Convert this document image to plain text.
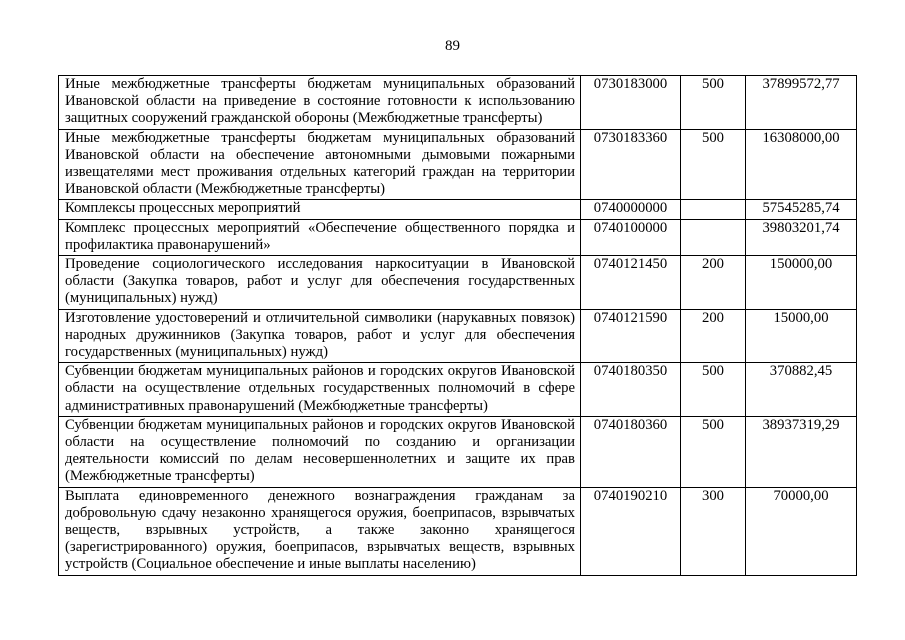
89
Иные межбюджетные трансферты бюджетам муниципальных образований Ивановской области на приведение в состояние готовности к использованию защитных сооружений гражданской обороны (Межбюджетные трансферты)	0730183000	500	37899572,77
Иные межбюджетные трансферты бюджетам муниципальных образований Ивановской области на обеспечение автономными дымовыми пожарными извещателями мест проживания отдельных категорий граждан на территории Ивановской области (Межбюджетные трансферты)	0730183360	500	16308000,00
Комплексы процессных мероприятий	0740000000		57545285,74
Комплекс процессных мероприятий «Обеспечение общественного порядка и профилактика правонарушений»	0740100000		39803201,74
Проведение социологического исследования наркоситуации в Ивановской области (Закупка товаров, работ и услуг для обеспечения государственных (муниципальных) нужд)	0740121450	200	150000,00
Изготовление удостоверений и отличительной символики (нарукавных повязок) народных дружинников (Закупка товаров, работ и услуг для обеспечения государственных (муниципальных) нужд)	0740121590	200	15000,00
Субвенции бюджетам муниципальных районов и городских округов Ивановской области на осуществление отдельных государственных полномочий в сфере административных правонарушений (Межбюджетные трансферты)	0740180350	500	370882,45
Субвенции бюджетам муниципальных районов и городских округов Ивановской области на осуществление полномочий по созданию и организации деятельности комиссий по делам несовершеннолетних и защите их прав (Межбюджетные трансферты)	0740180360	500	38937319,29
Выплата единовременного денежного вознаграждения гражданам за добровольную сдачу незаконно хранящегося оружия, боеприпасов, взрывчатых веществ, взрывных устройств, а также законно хранящегося (зарегистрированного) оружия, боеприпасов, взрывчатых веществ, взрывных устройств (Социальное обеспечение и иные выплаты населению)	0740190210	300	70000,00
